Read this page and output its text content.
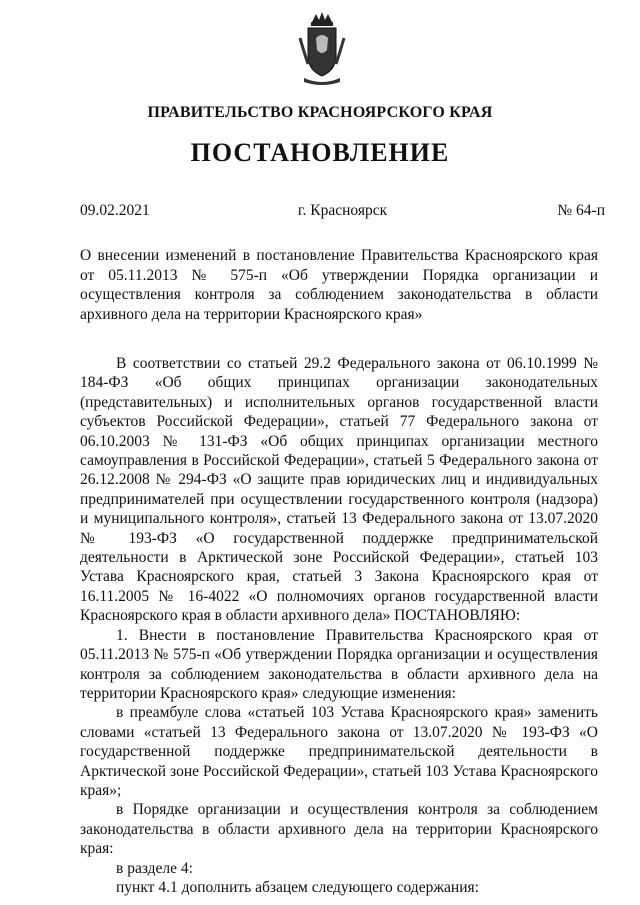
ПРАВИТЕЛЬСТВО КРАСНОЯРСКОГО КРАЯ
ПОСТАНОВЛЕНИЕ
09.02.2021	г. Красноярск	№ 64-п
О внесении изменений в постановление Правительства Красноярского края от 05.11.2013 № 575-п «Об утверждении Порядка организации и осуществления контроля за соблюдением законодательства в области архивного дела на территории Красноярского края»

В соответствии со статьей 29.2 Федерального закона от 06.10.1999 № 184-ФЗ «Об общих принципах организации законодательных (представительных) и исполнительных органов государственной власти субъектов Российской Федерации», статьей 77 Федерального закона от 06.10.2003 № 131-ФЗ «Об общих принципах организации местного самоуправления в Российской Федерации», статьей 5 Федерального закона от 26.12.2008 № 294-ФЗ «О защите прав юридических лиц и индивидуальных предпринимателей при осуществлении государственного контроля (надзора) и муниципального контроля», статьей 13 Федерального закона от 13.07.2020 № 193-ФЗ «О государственной поддержке предпринимательской деятельности в Арктической зоне Российской Федерации», статьей 103 Устава Красноярского края, статьей 3 Закона Красноярского края от 16.11.2005 № 16-4022 «О полномочиях органов государственной власти Красноярского края в области архивного дела» ПОСТАНОВЛЯЮ:

1. Внести в постановление Правительства Красноярского края от 05.11.2013 № 575-п «Об утверждении Порядка организации и осуществления контроля за соблюдением законодательства в области архивного дела на территории Красноярского края» следующие изменения:

в преамбуле слова «статьей 103 Устава Красноярского края» заменить словами «статьей 13 Федерального закона от 13.07.2020 № 193-ФЗ «О государственной поддержке предпринимательской деятельности в Арктической зоне Российской Федерации», статьей 103 Устава Красноярского края»;

в Порядке организации и осуществления контроля за соблюдением законодательства в области архивного дела на территории Красноярского края:

в разделе 4:

пункт 4.1 дополнить абзацем следующего содержания:
